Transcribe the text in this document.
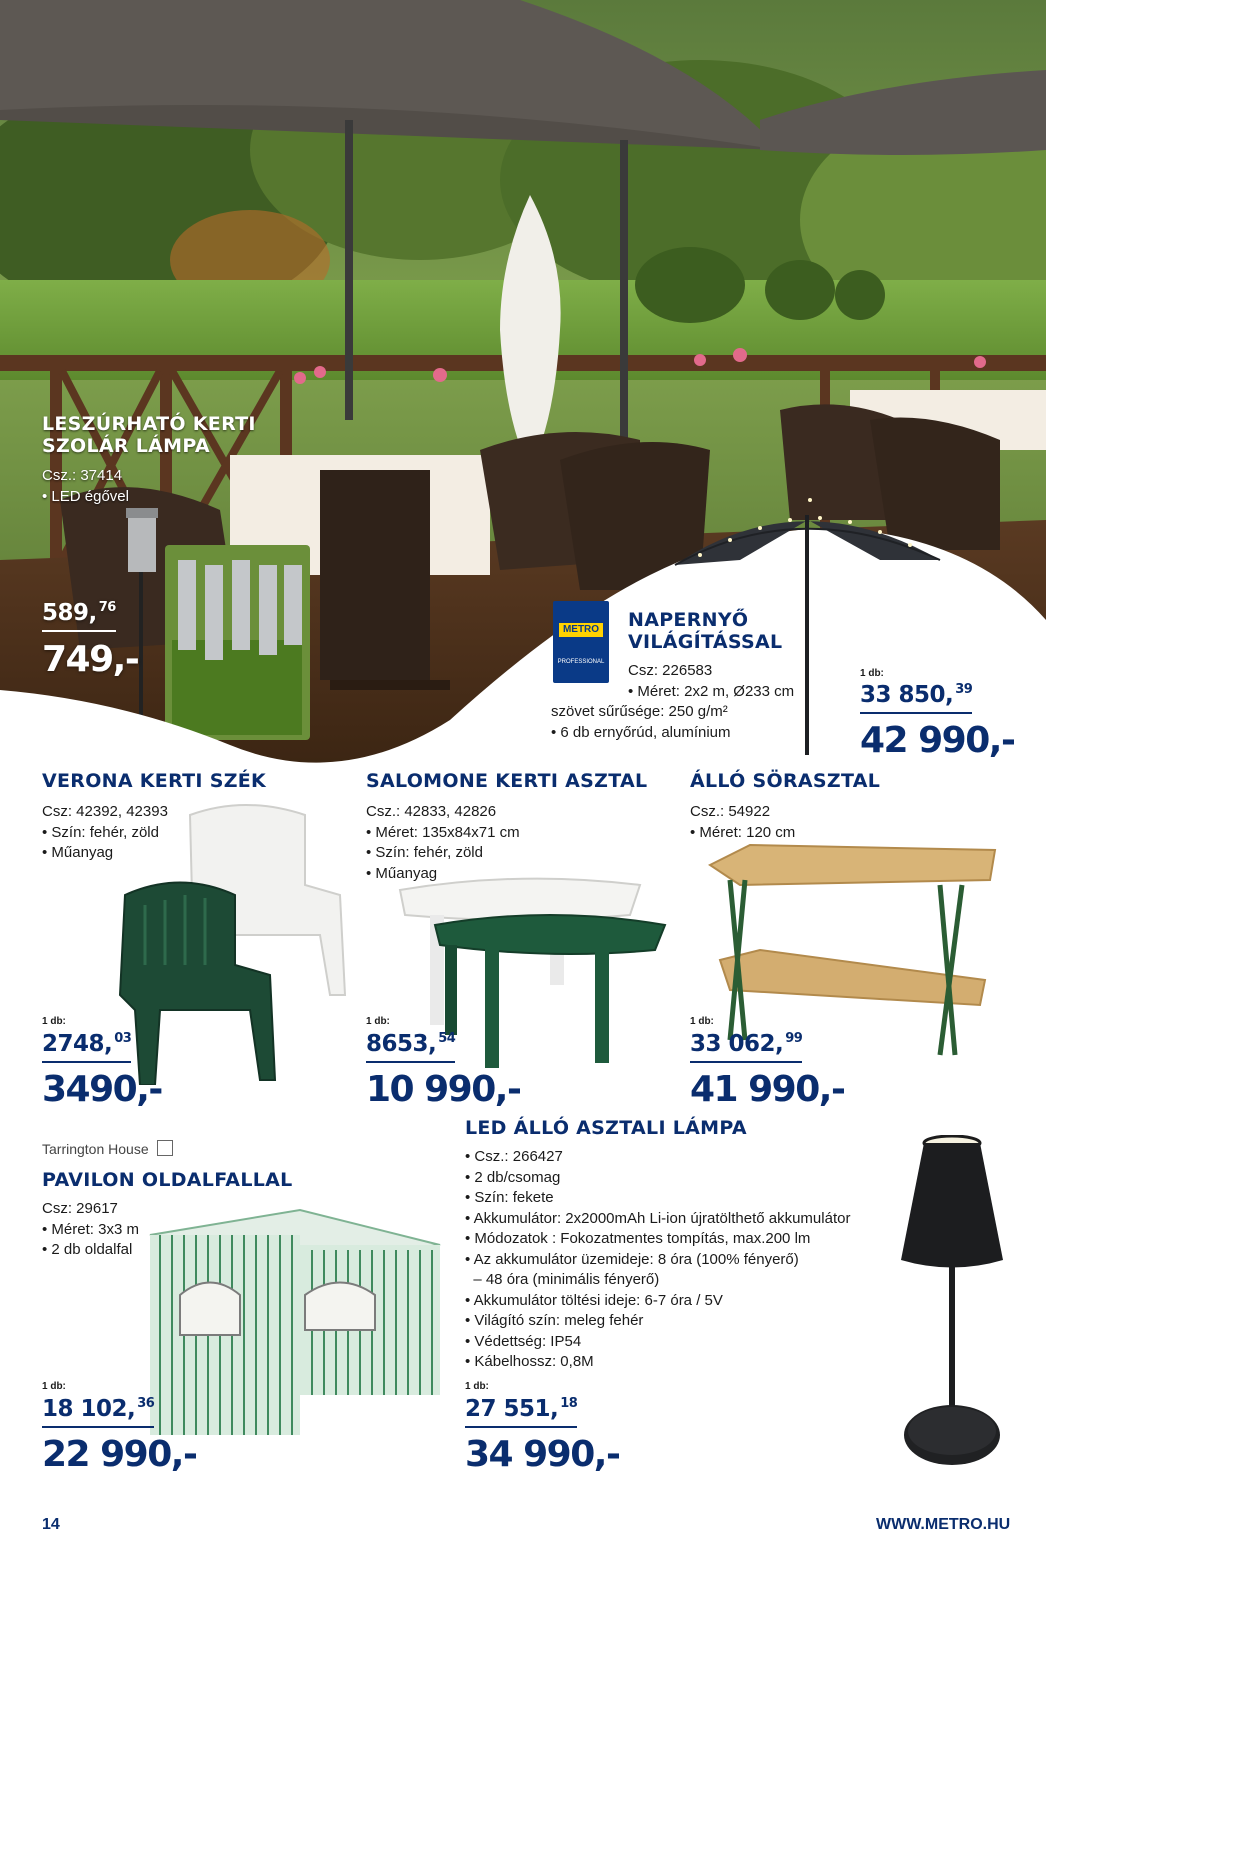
LESZÚRHATÓ KERTI
SZOLÁR LÁMPA
Csz.: 37414
• LED égővel
589, $^{76}$
749,-
METRO
PROFESSIONAL
NAPERNYŐ
VILÁGÍTÁSSAL
Csz: 226583
• Méret: 2x2 m, Ø233 cm
szövet sűrűsége: 250 g/m²
• 6 db ernyőrúd, alumínium
1 db:
33 850, $^{39}$
42 990,-
VERONA KERTI SZÉK
Csz: 42392, 42393
• Szín: fehér, zöld
• Műanyag
1 db:
2748, $^{03}$
3490,-
SALOMONE KERTI ASZTAL
Csz.: 42833, 42826
• Méret: 135x84x71 cm
• Szín: fehér, zöld
• Műanyag
1 db:
8653, $^{54}$
10 990,-
ÁLLÓ SÖRASZTAL
Csz.: 54922
• Méret: 120 cm
1 db:
33 062, $^{99}$
41 990,-
Tarrington House
PAVILON OLDALFALLAL
Csz: 29617
• Méret: 3x3 m
• 2 db oldalfal
1 db:
18 102, $^{36}$
22 990,-
LED ÁLLÓ ASZTALI LÁMPA
• Csz.: 266427
• 2 db/csomag
• Szín: fekete
• Akkumulátor: 2x2000mAh Li-ion újratölthető akkumulátor
• Módozatok : Fokozatmentes tompítás, max.200 lm
• Az akkumulátor üzemideje: 8 óra (100% fényerő)
– 48 óra (minimális fényerő)
• Akkumulátor töltési ideje: 6-7 óra / 5V
• Világító szín: meleg fehér
• Védettség: IP54
• Kábelhossz: 0,8M
1 db:
27 551, $^{18}$
34 990,-
14	WWW.METRO.HU
